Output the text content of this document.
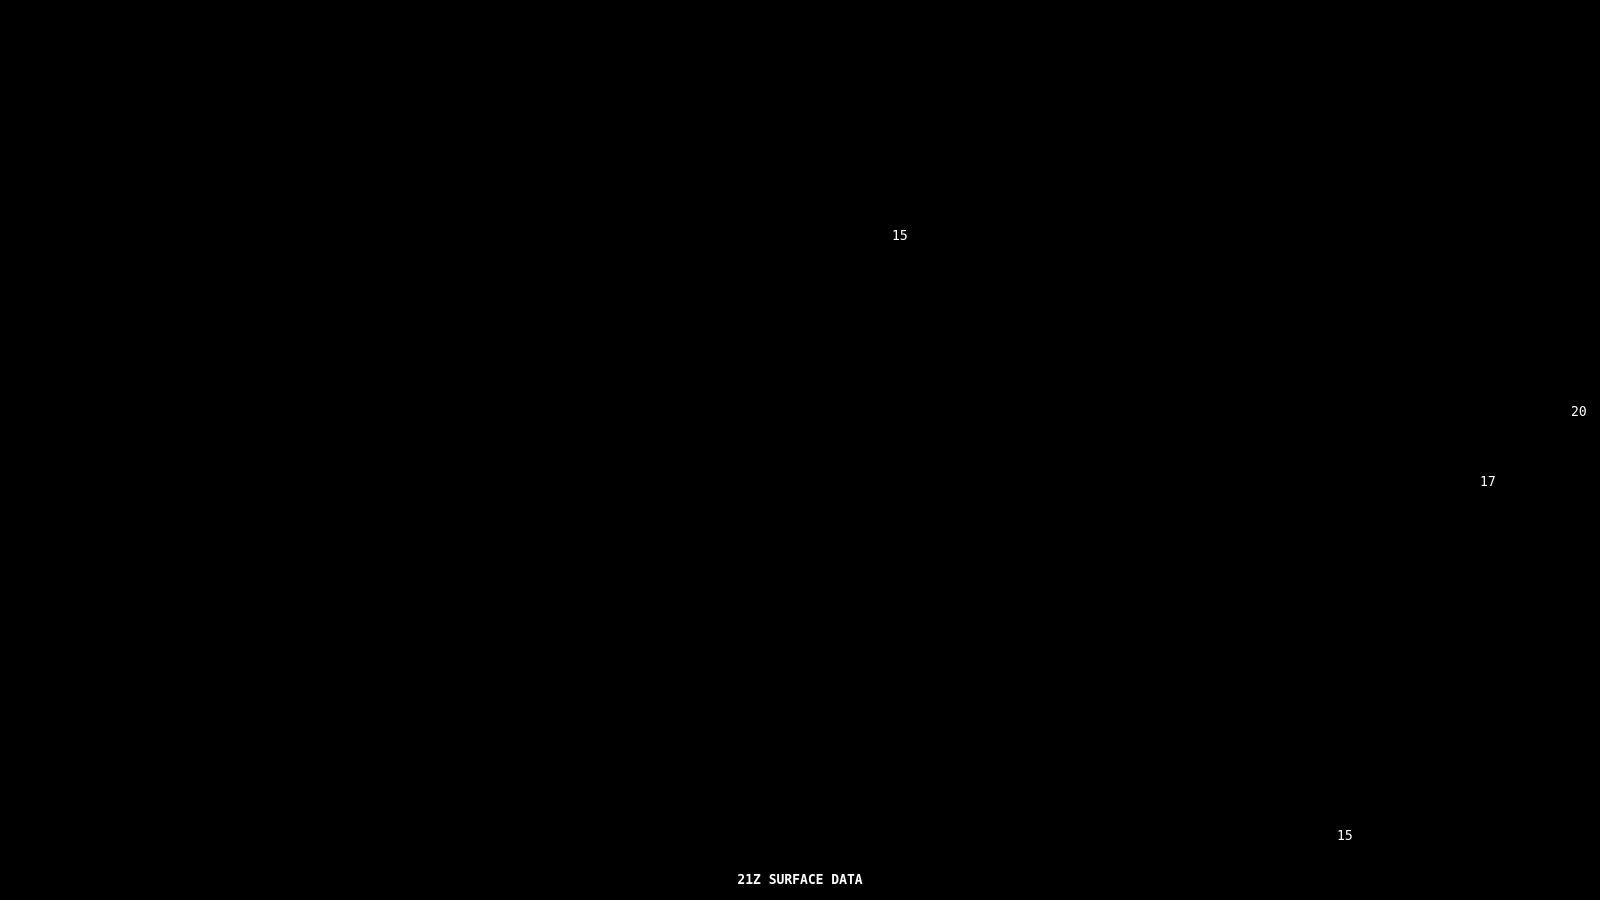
21Z SURFACE DATA
15
20
17
15
